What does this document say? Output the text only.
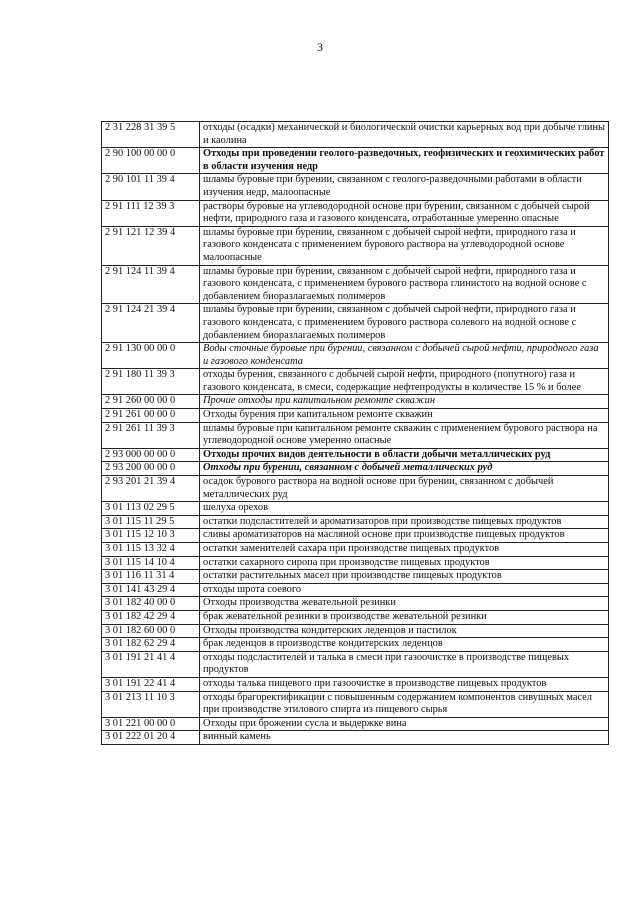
3
2 31 228 31 39 5	отходы (осадки) механической и биологической очистки карьерных вод при добыче глины и каолина
2 90 100 00 00 0	Отходы при проведении геолого-разведочных, геофизических и геохимических работ в области изучения недр
2 90 101 11 39 4	шламы буровые при бурении, связанном с геолого-разведочными работами в области изучения недр, малоопасные
2 91 111 12 39 3	растворы буровые на углеводородной основе при бурении, связанном с добычей сырой нефти, природного газа и газового конденсата, отработанные умеренно опасные
2 91 121 12 39 4	шламы буровые при бурении, связанном с добычей сырой нефти, природного газа и газового конденсата с применением бурового раствора на углеводородной основе малоопасные
2 91 124 11 39 4	шламы буровые при бурении, связанном с добычей сырой нефти, природного газа и газового конденсата, с применением бурового раствора глинистого на водной основе с добавлением биоразлагаемых полимеров
2 91 124 21 39 4	шламы буровые при бурении, связанном с добычей сырой нефти, природного газа и газового конденсата, с применением бурового раствора солевого на водной основе с добавлением биоразлагаемых полимеров
2 91 130 00 00 0	Воды сточные буровые при бурении, связанном с добычей сырой нефти, природного газа и газового конденсата
2 91 180 11 39 3	отходы бурения, связанного с добычей сырой нефти, природного (попутного) газа и газового конденсата, в смеси, содержащие нефтепродукты в количестве 15 % и более
2 91 260 00 00 0	Прочие отходы при капитальном ремонте скважин
2 91 261 00 00 0	Отходы бурения при капитальном ремонте скважин
2 91 261 11 39 3	шламы буровые при капитальном ремонте скважин с применением бурового раствора на углеводородной основе умеренно опасные
2 93 000 00 00 0	Отходы прочих видов деятельности в области добычи металлических руд
2 93 200 00 00 0	Отходы при бурении, связанном с добычей металлических руд
2 93 201 21 39 4	осадок бурового раствора на водной основе при бурении, связанном с добычей металлических руд
3 01 113 02 29 5	шелуха орехов
3 01 115 11 29 5	остатки подсластителей и ароматизаторов при производстве пищевых продуктов
3 01 115 12 10 3	сливы ароматизаторов на масляной основе при производстве пищевых продуктов
3 01 115 13 32 4	остатки заменителей сахара при производстве пищевых продуктов
3 01 115 14 10 4	остатки сахарного сиропа при производстве пищевых продуктов
3 01 116 11 31 4	остатки растительных масел при производстве пищевых продуктов
3 01 141 43 29 4	отходы шрота соевого
3 01 182 40 00 0	Отходы производства жевательной резинки
3 01 182 42 29 4	брак жевательной резинки в производстве жевательной резинки
3 01 182 60 00 0	Отходы производства кондитерских леденцов и пастилок
3 01 182 62 29 4	брак леденцов в производстве кондитерских леденцов
3 01 191 21 41 4	отходы подсластителей и талька в смеси при газоочистке в производстве пищевых продуктов
3 01 191 22 41 4	отходы талька пищевого при газоочистке в производстве пищевых продуктов
3 01 213 11 10 3	отходы брагоректификации с повышенным содержанием компонентов сивушных масел при производстве этилового спирта из пищевого сырья
3 01 221 00 00 0	Отходы при брожении сусла и выдержке вина
3 01 222 01 20 4	винный камень
